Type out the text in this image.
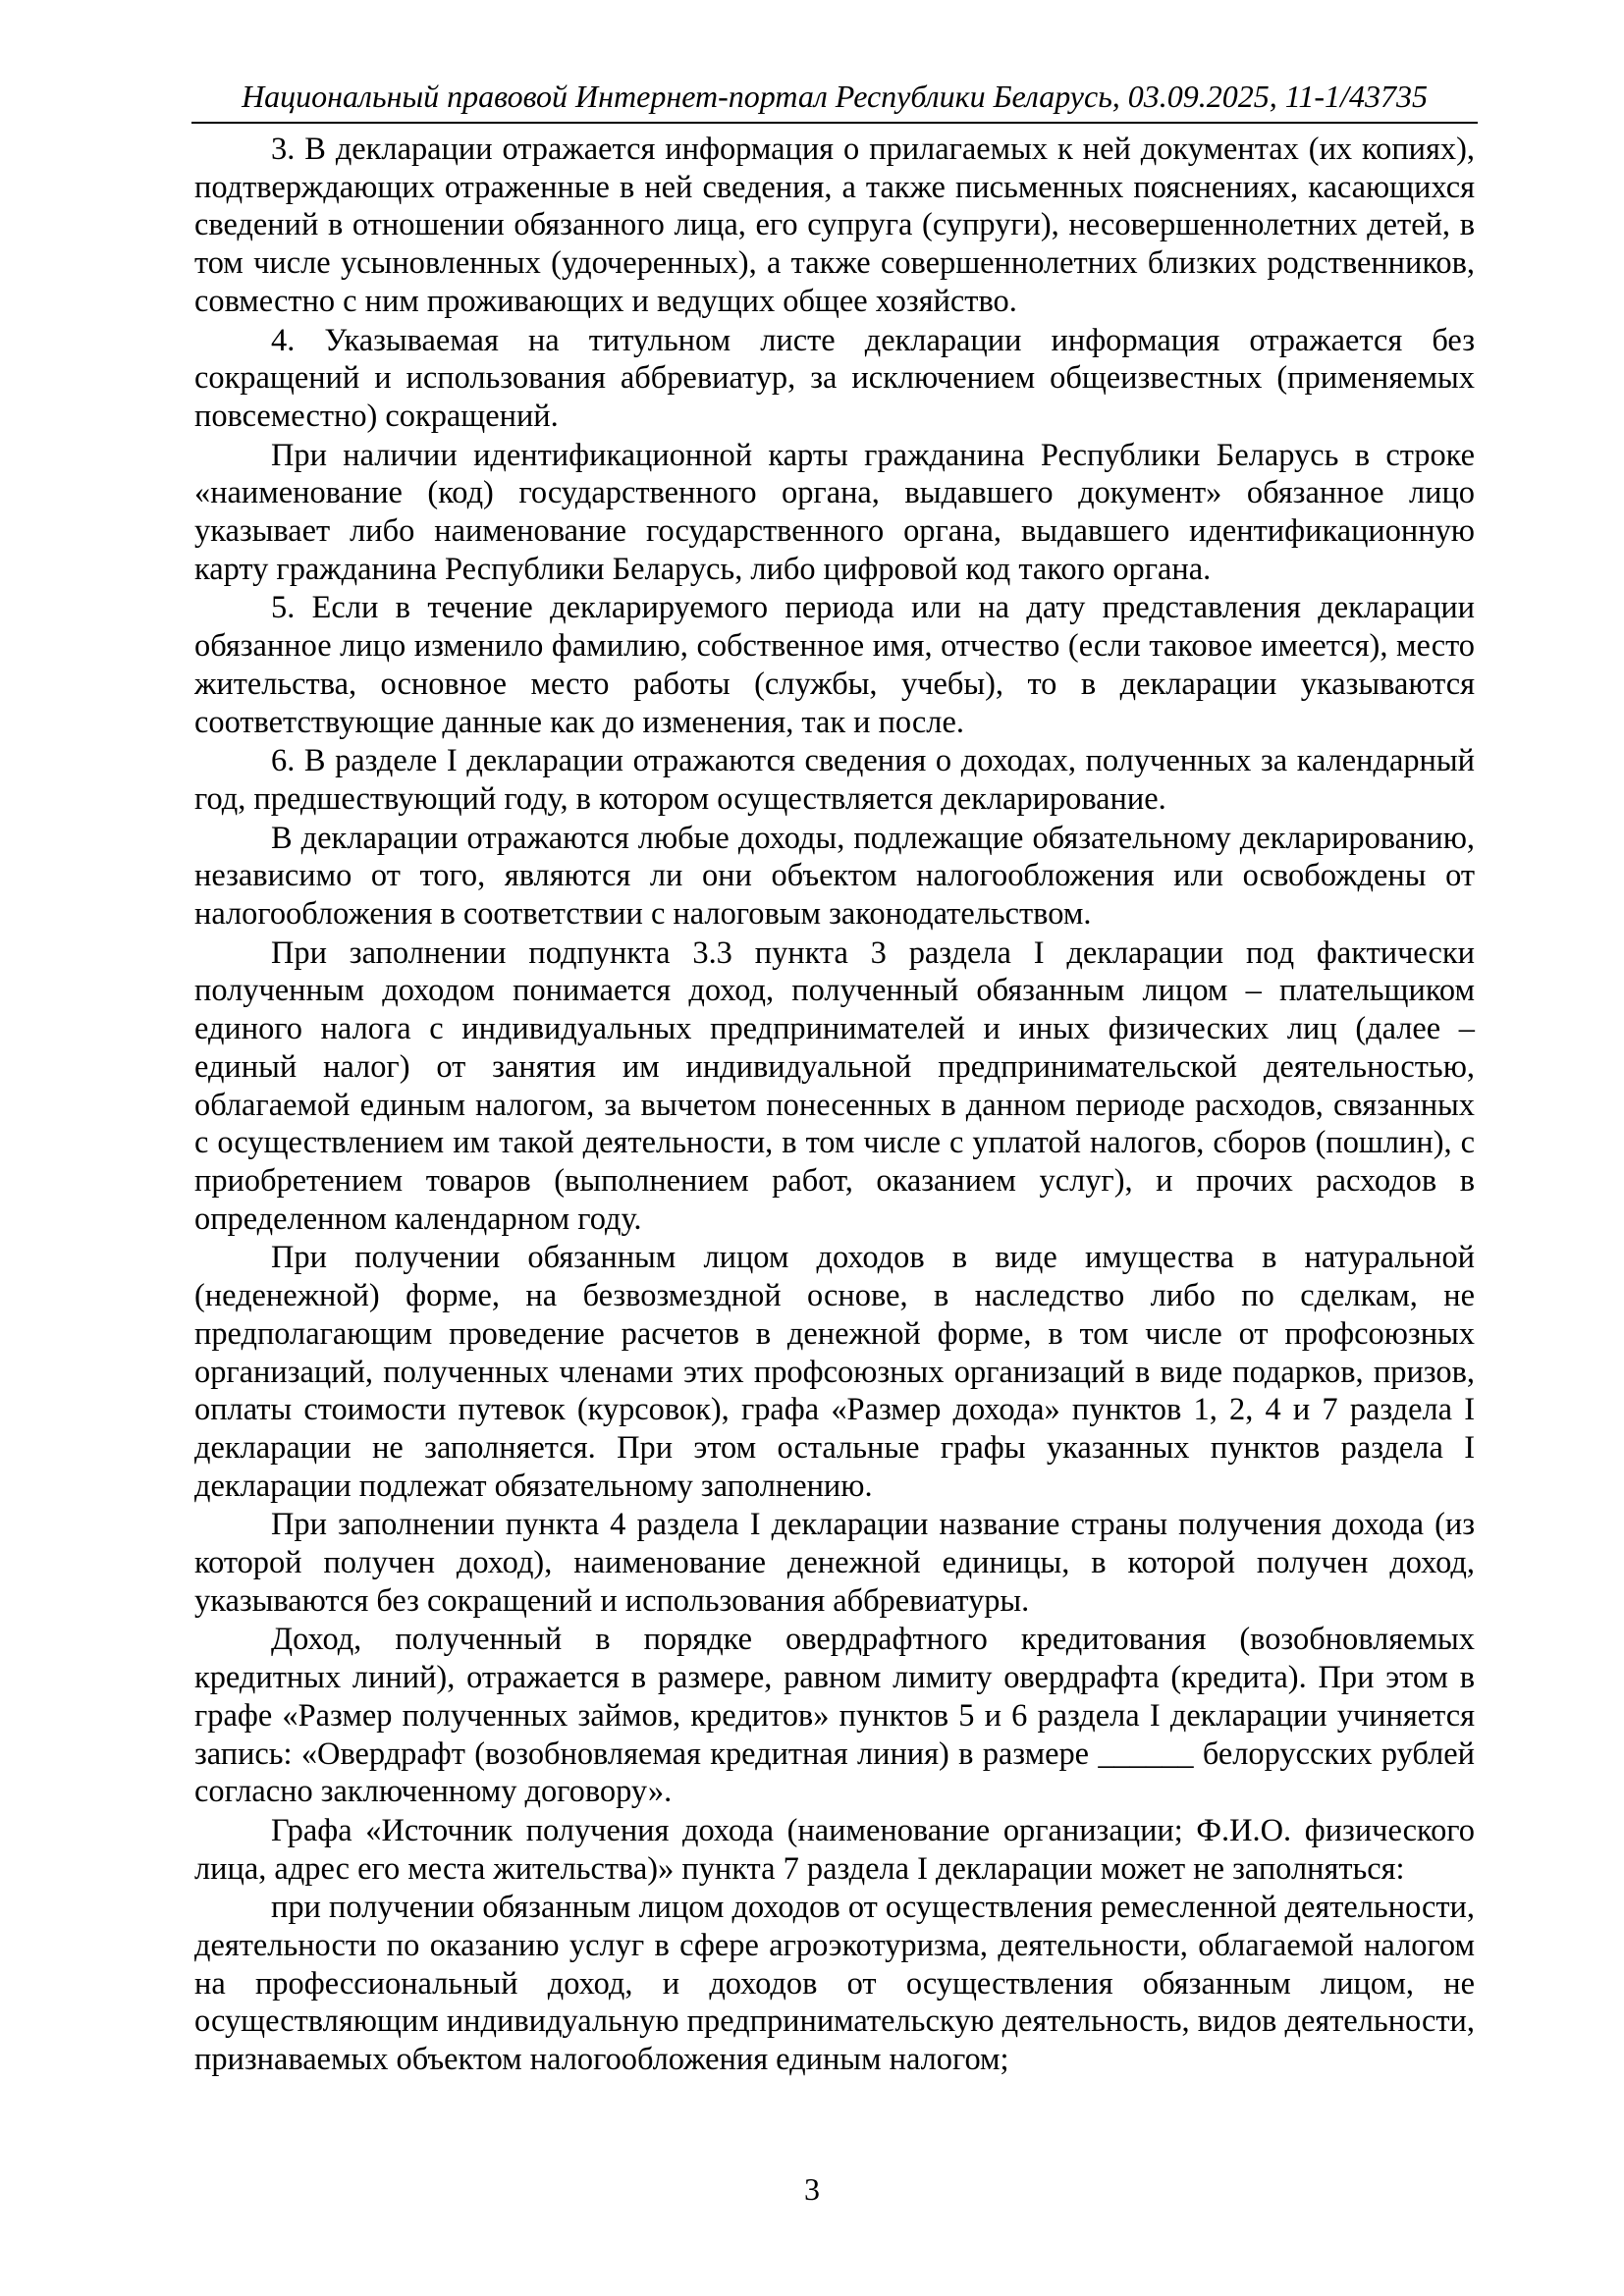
Национальный правовой Интернет-портал Республики Беларусь, 03.09.2025, 11-1/43735

3. В декларации отражается информация о прилагаемых к ней документах (их копиях), подтверждающих отраженные в ней сведения, а также письменных пояснениях, касающихся сведений в отношении обязанного лица, его супруга (супруги), несовершеннолетних детей, в том числе усыновленных (удочеренных), а также совершеннолетних близких родственников, совместно с ним проживающих и ведущих общее хозяйство.

4. Указываемая на титульном листе декларации информация отражается без сокращений и использования аббревиатур, за исключением общеизвестных (применяемых повсеместно) сокращений.

При наличии идентификационной карты гражданина Республики Беларусь в строке «наименование (код) государственного органа, выдавшего документ» обязанное лицо указывает либо наименование государственного органа, выдавшего идентификационную карту гражданина Республики Беларусь, либо цифровой код такого органа.

5. Если в течение декларируемого периода или на дату представления декларации обязанное лицо изменило фамилию, собственное имя, отчество (если таковое имеется), место жительства, основное место работы (службы, учебы), то в декларации указываются соответствующие данные как до изменения, так и после.

6. В разделе I декларации отражаются сведения о доходах, полученных за календарный год, предшествующий году, в котором осуществляется декларирование.

В декларации отражаются любые доходы, подлежащие обязательному декларированию, независимо от того, являются ли они объектом налогообложения или освобождены от налогообложения в соответствии с налоговым законодательством.

При заполнении подпункта 3.3 пункта 3 раздела I декларации под фактически полученным доходом понимается доход, полученный обязанным лицом – плательщиком единого налога с индивидуальных предпринимателей и иных физических лиц (далее – единый налог) от занятия им индивидуальной предпринимательской деятельностью, облагаемой единым налогом, за вычетом понесенных в данном периоде расходов, связанных с осуществлением им такой деятельности, в том числе с уплатой налогов, сборов (пошлин), с приобретением товаров (выполнением работ, оказанием услуг), и прочих расходов в определенном календарном году.

При получении обязанным лицом доходов в виде имущества в натуральной (неденежной) форме, на безвозмездной основе, в наследство либо по сделкам, не предполагающим проведение расчетов в денежной форме, в том числе от профсоюзных организаций, полученных членами этих профсоюзных организаций в виде подарков, призов, оплаты стоимости путевок (курсовок), графа «Размер дохода» пунктов 1, 2, 4 и 7 раздела I декларации не заполняется. При этом остальные графы указанных пунктов раздела I декларации подлежат обязательному заполнению.

При заполнении пункта 4 раздела I декларации название страны получения дохода (из которой получен доход), наименование денежной единицы, в которой получен доход, указываются без сокращений и использования аббревиатуры.

Доход, полученный в порядке овердрафтного кредитования (возобновляемых кредитных линий), отражается в размере, равном лимиту овердрафта (кредита). При этом в графе «Размер полученных займов, кредитов» пунктов 5 и 6 раздела I декларации учиняется запись: «Овердрафт (возобновляемая кредитная линия) в размере ______ белорусских рублей согласно заключенному договору».

Графа «Источник получения дохода (наименование организации; Ф.И.О. физического лица, адрес его места жительства)» пункта 7 раздела I декларации может не заполняться:

при получении обязанным лицом доходов от осуществления ремесленной деятельности, деятельности по оказанию услуг в сфере агроэкотуризма, деятельности, облагаемой налогом на профессиональный доход, и доходов от осуществления обязанным лицом, не осуществляющим индивидуальную предпринимательскую деятельность, видов деятельности, признаваемых объектом налогообложения единым налогом;

3
